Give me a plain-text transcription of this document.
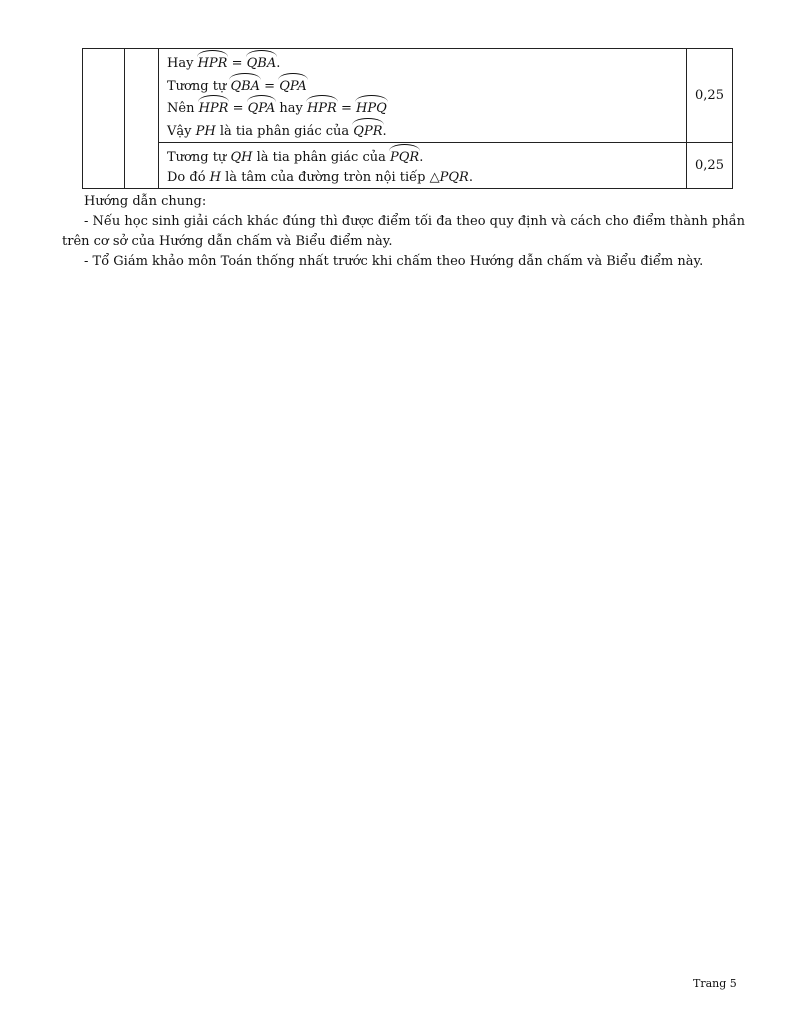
		Hay HPR = QBA.
Tương tự QBA = QPA
Nên HPR = QPA hay HPR = HPQ
Vậy PH là tia phân giác của QPR.	0,25

		Tương tự QH là tia phân giác của PQR.
Do đó H là tâm của đường tròn nội tiếp △PQR.	0,25
Hướng dẫn chung:
- Nếu học sinh giải cách khác đúng thì được điểm tối đa theo quy định và cách cho điểm thành phần
trên cơ sở của Hướng dẫn chấm và Biểu điểm này.
- Tổ Giám khảo môn Toán thống nhất trước khi chấm theo Hướng dẫn chấm và Biểu điểm này.
Trang 5
